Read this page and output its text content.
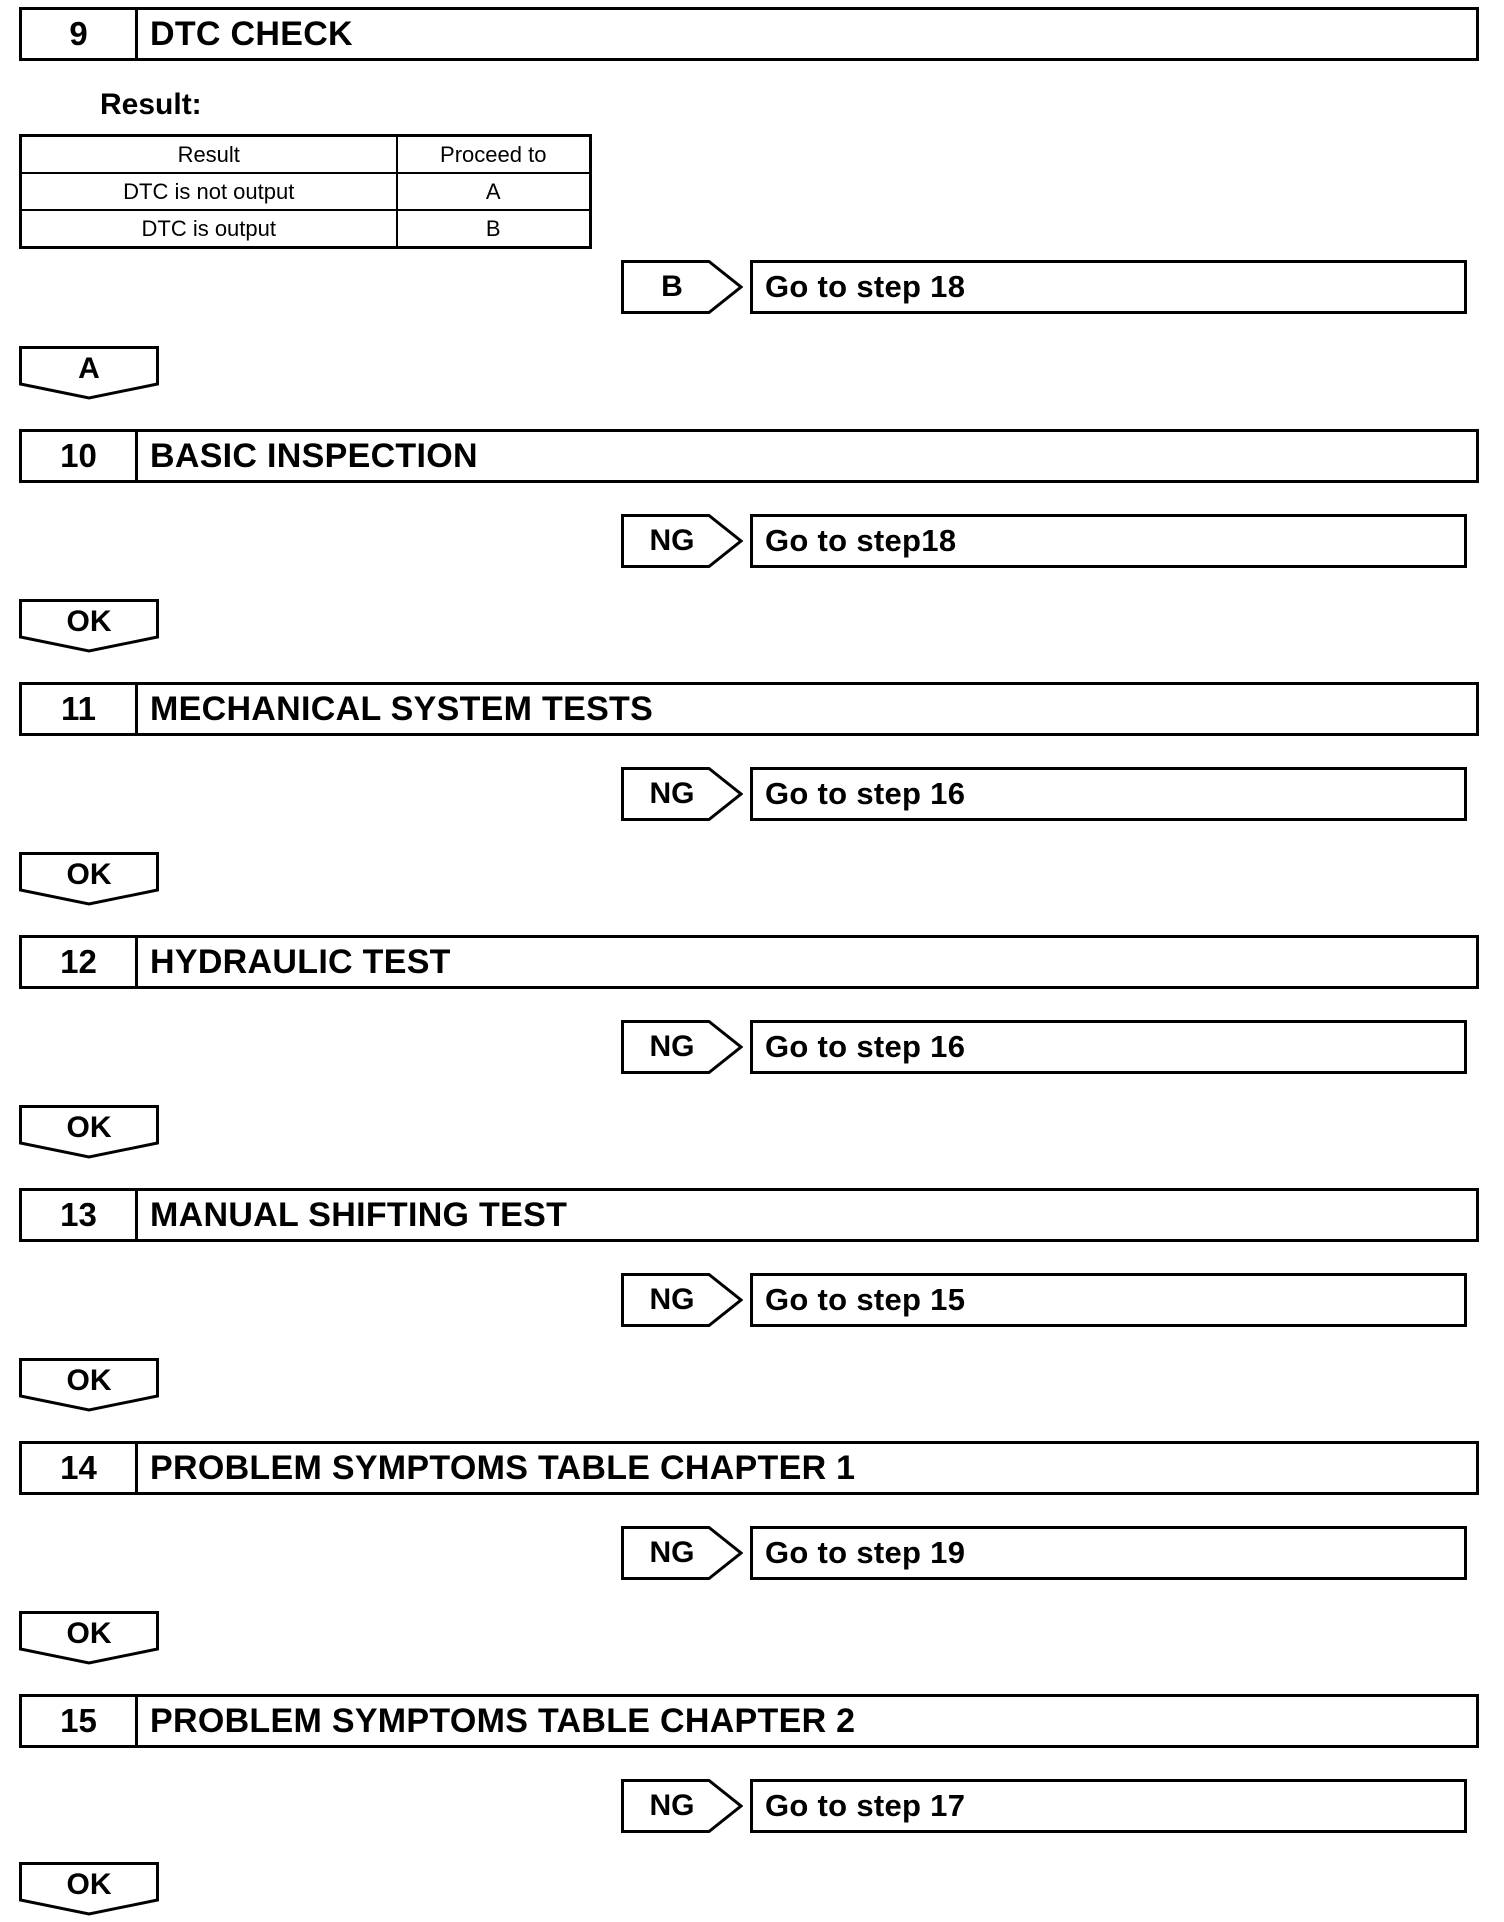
9	DTC CHECK
Result:
Result	Proceed to
DTC is not output	A
DTC is output	B
B	Go to step 18
A
10	BASIC INSPECTION
NG	Go to step18
OK
11	MECHANICAL SYSTEM TESTS
NG	Go to step 16
OK
12	HYDRAULIC TEST
NG	Go to step 16
OK
13	MANUAL SHIFTING TEST
NG	Go to step 15
OK
14	PROBLEM SYMPTOMS TABLE CHAPTER 1
NG	Go to step 19
OK
15	PROBLEM SYMPTOMS TABLE CHAPTER 2
NG	Go to step 17
OK
